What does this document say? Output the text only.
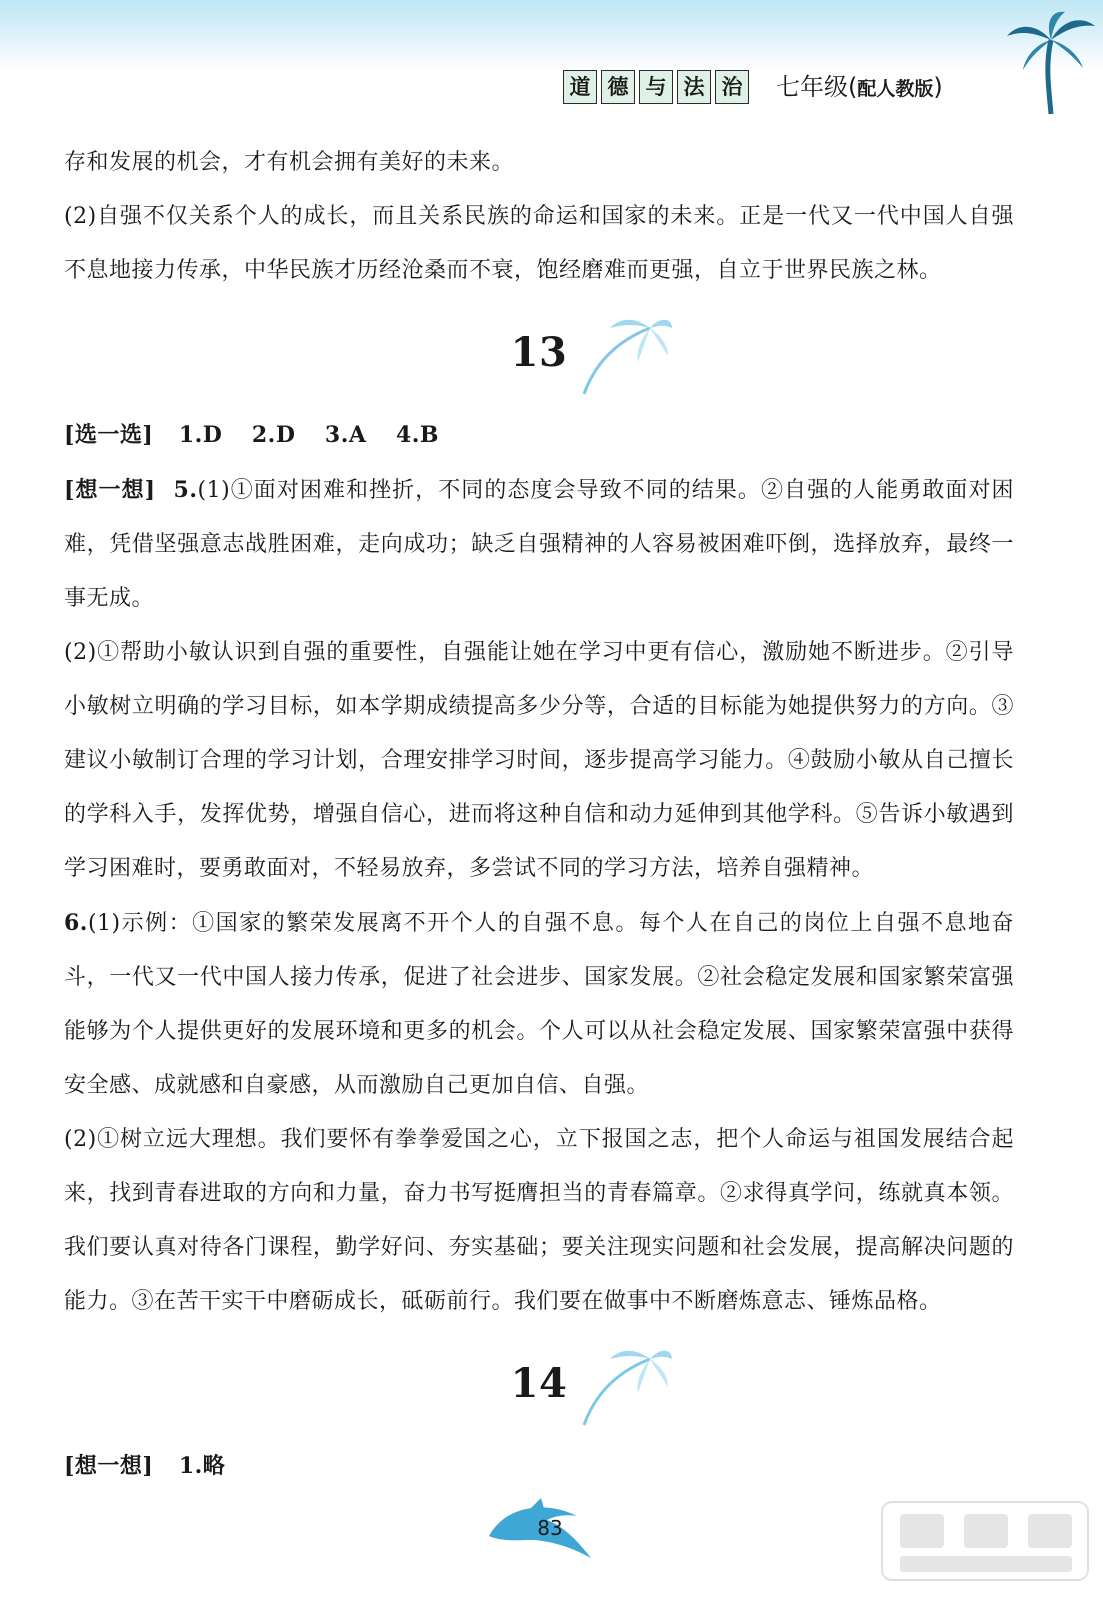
道 德 与 法 治 七年级(配人教版)

存和发展的机会，才有机会拥有美好的未来。

(2)自强不仅关系个人的成长，而且关系民族的命运和国家的未来。正是一代又一代中国人自强不息地接力传承，中华民族才历经沧桑而不衰，饱经磨难而更强，自立于世界民族之林。

13

[选一选] 1.D 2.D 3.A 4.B

[想一想] 5.(1)①面对困难和挫折，不同的态度会导致不同的结果。②自强的人能勇敢面对困难，凭借坚强意志战胜困难，走向成功；缺乏自强精神的人容易被困难吓倒，选择放弃，最终一事无成。

(2)①帮助小敏认识到自强的重要性，自强能让她在学习中更有信心，激励她不断进步。②引导小敏树立明确的学习目标，如本学期成绩提高多少分等，合适的目标能为她提供努力的方向。③建议小敏制订合理的学习计划，合理安排学习时间，逐步提高学习能力。④鼓励小敏从自己擅长的学科入手，发挥优势，增强自信心，进而将这种自信和动力延伸到其他学科。⑤告诉小敏遇到学习困难时，要勇敢面对，不轻易放弃，多尝试不同的学习方法，培养自强精神。

6.(1)示例：①国家的繁荣发展离不开个人的自强不息。每个人在自己的岗位上自强不息地奋斗，一代又一代中国人接力传承，促进了社会进步、国家发展。②社会稳定发展和国家繁荣富强能够为个人提供更好的发展环境和更多的机会。个人可以从社会稳定发展、国家繁荣富强中获得安全感、成就感和自豪感，从而激励自己更加自信、自强。

(2)①树立远大理想。我们要怀有拳拳爱国之心，立下报国之志，把个人命运与祖国发展结合起来，找到青春进取的方向和力量，奋力书写挺膺担当的青春篇章。②求得真学问，练就真本领。我们要认真对待各门课程，勤学好问、夯实基础；要关注现实问题和社会发展，提高解决问题的能力。③在苦干实干中磨砺成长，砥砺前行。我们要在做事中不断磨炼意志、锤炼品格。

14

[想一想] 1.略

83
